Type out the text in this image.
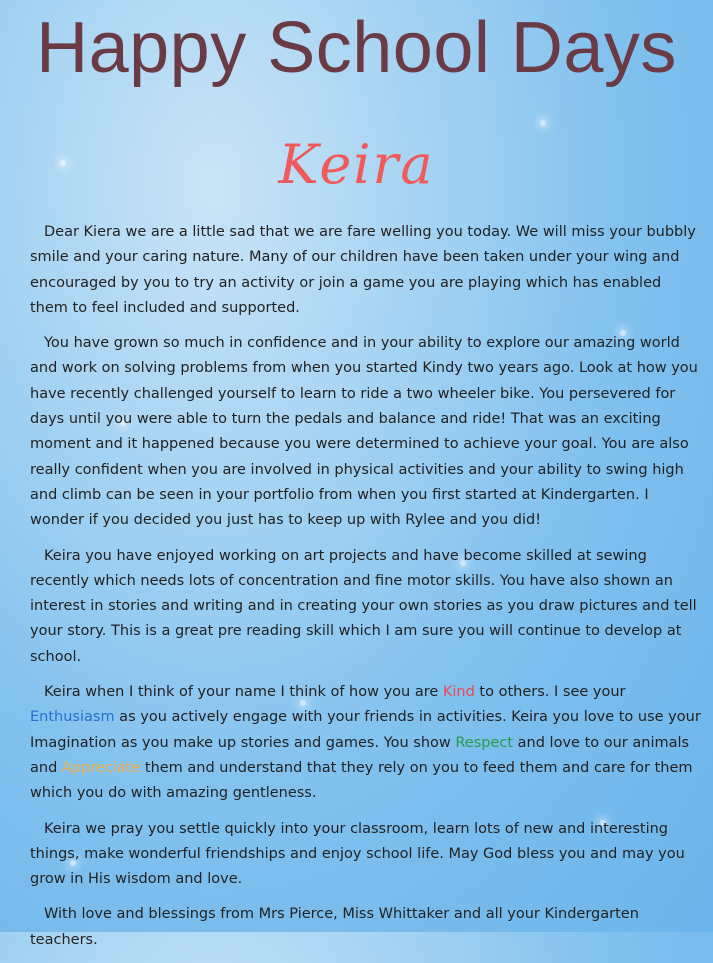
Happy School Days
Keira

Dear Kiera we are a little sad that we are fare welling you today. We will miss your bubbly smile and your caring nature. Many of our children have been taken under your wing and encouraged by you to try an activity or join a game you are playing which has enabled them to feel included and supported.

You have grown so much in confidence and in your ability to explore our amazing world and work on solving problems from when you started Kindy two years ago. Look at how you have recently challenged yourself to learn to ride a two wheeler bike. You persevered for days until you were able to turn the pedals and balance and ride! That was an exciting moment and it happened because you were determined to achieve your goal. You are also really confident when you are involved in physical activities and your ability to swing high and climb can be seen in your portfolio from when you first started at Kindergarten. I wonder if you decided you just has to keep up with Rylee and you did!

Keira you have enjoyed working on art projects and have become skilled at sewing recently which needs lots of concentration and fine motor skills. You have also shown an interest in stories and writing and in creating your own stories as you draw pictures and tell your story. This is a great pre reading skill which I am sure you will continue to develop at school.

Keira when I think of your name I think of how you are Kind to others. I see your Enthusiasm as you actively engage with your friends in activities. Keira you love to use your Imagination as you make up stories and games. You show Respect and love to our animals and Appreciate them and understand that they rely on you to feed them and care for them which you do with amazing gentleness.

Keira we pray you settle quickly into your classroom, learn lots of new and interesting things, make wonderful friendships and enjoy school life. May God bless you and may you grow in His wisdom and love.

With love and blessings from Mrs Pierce, Miss Whittaker and all your Kindergarten teachers.
